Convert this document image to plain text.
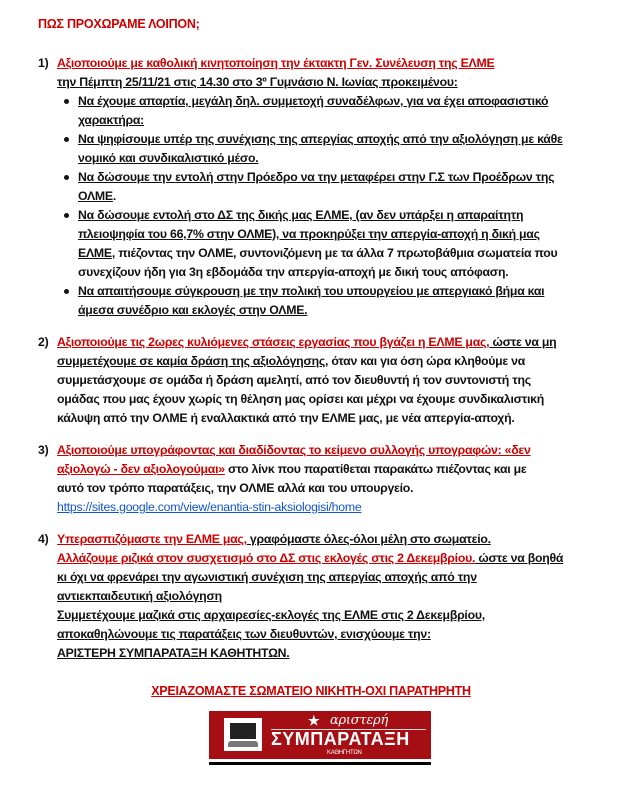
ΠΩΣ ΠΡΟΧΩΡΑΜΕ ΛΟΙΠΟΝ;
1) Αξιοποιούμε με καθολική κινητοποίηση την έκτακτη Γεν. Συνέλευση της ΕΛΜΕ
την Πέμπτη 25/11/21 στις 14.30 στο 3º Γυμνάσιο Ν. Ιωνίας προκειμένου:
Να έχουμε απαρτία, μεγάλη δηλ. συμμετοχή συναδέλφων, για να έχει αποφασιστικό
χαρακτήρα:
Να ψηφίσουμε υπέρ της συνέχισης της απεργίας αποχής από την αξιολόγηση με κάθε
νομικό και συνδικαλιστικό μέσο.
Να δώσουμε την εντολή στην Πρόεδρο να την μεταφέρει στην Γ.Σ των Προέδρων της
ΟΛΜΕ.
Να δώσουμε εντολή στο ΔΣ της δικής μας ΕΛΜΕ, (αν δεν υπάρξει η απαραίτητη
πλειοψηφία του 66,7% στην ΟΛΜΕ), να προκηρύξει την απεργία-αποχή η δική μας
ΕΛΜΕ, πιέζοντας την ΟΛΜΕ, συντονιζόμενη με τα άλλα 7 πρωτοβάθμια σωματεία που
συνεχίζουν ήδη για 3η εβδομάδα την απεργία-αποχή με δική τους απόφαση.
Να απαιτήσουμε σύγκρουση με την πολική του υπουργείου με απεργιακό βήμα και
άμεσα συνέδριο και εκλογές στην ΟΛΜΕ.
2) Αξιοποιούμε τις 2ωρες κυλιόμενες στάσεις εργασίας που βγάζει η ΕΛΜΕ μας, ώστε να μη
συμμετέχουμε σε καμία δράση της αξιολόγησης, όταν και για όση ώρα κληθούμε να
συμμετάσχουμε σε ομάδα ή δράση αμελητί, από τον διευθυντή ή τον συντονιστή της
ομάδας που μας έχουν χωρίς τη θέληση μας ορίσει και μέχρι να έχουμε συνδικαλιστική
κάλυψη από την ΟΛΜΕ ή εναλλακτικά από την ΕΛΜΕ μας, με νέα απεργία-αποχή.
3) Αξιοποιούμε υπογράφοντας και διαδίδοντας το κείμενο συλλογής υπογραφών: «δεν
αξιολογώ - δεν αξιολογούμαι» στο λίνκ που παρατίθεται παρακάτω πιέζοντας και με
αυτό τον τρόπο παρατάξεις, την ΟΛΜΕ αλλά και του υπουργείο.
https://sites.google.com/view/enantia-stin-aksiologisi/home
4) Υπερασπιζόμαστε την ΕΛΜΕ μας, γραφόμαστε όλες-όλοι μέλη στο σωματείο.
Αλλάζουμε ριζικά στον συσχετισμό στο ΔΣ στις εκλογές στις 2 Δεκεμβρίου. ώστε να βοηθά
κι όχι να φρενάρει την αγωνιστική συνέχιση της απεργίας αποχής από την
αντιεκπαιδευτική αξιολόγηση
Συμμετέχουμε μαζικά στις αρχαιρεσίες-εκλογές της ΕΛΜΕ στις 2 Δεκεμβρίου,
αποκαθηλώνουμε τις παρατάξεις των διευθυντών, ενισχύουμε την:
ΑΡΙΣΤΕΡΗ ΣΥΜΠΑΡΑΤΑΞΗ ΚΑΘΗΤΗΤΩΝ.
ΧΡΕΙΑΖΟΜΑΣΤΕ ΣΩΜΑΤΕΙΟ ΝΙΚΗΤΗ-ΟΧΙ ΠΑΡΑΤΗΡΗΤΗ
★ αριστερή
ΣΥΜΠΑΡΑΤΑΞΗ
ΚΑΘΗΓΗΤΩΝ
